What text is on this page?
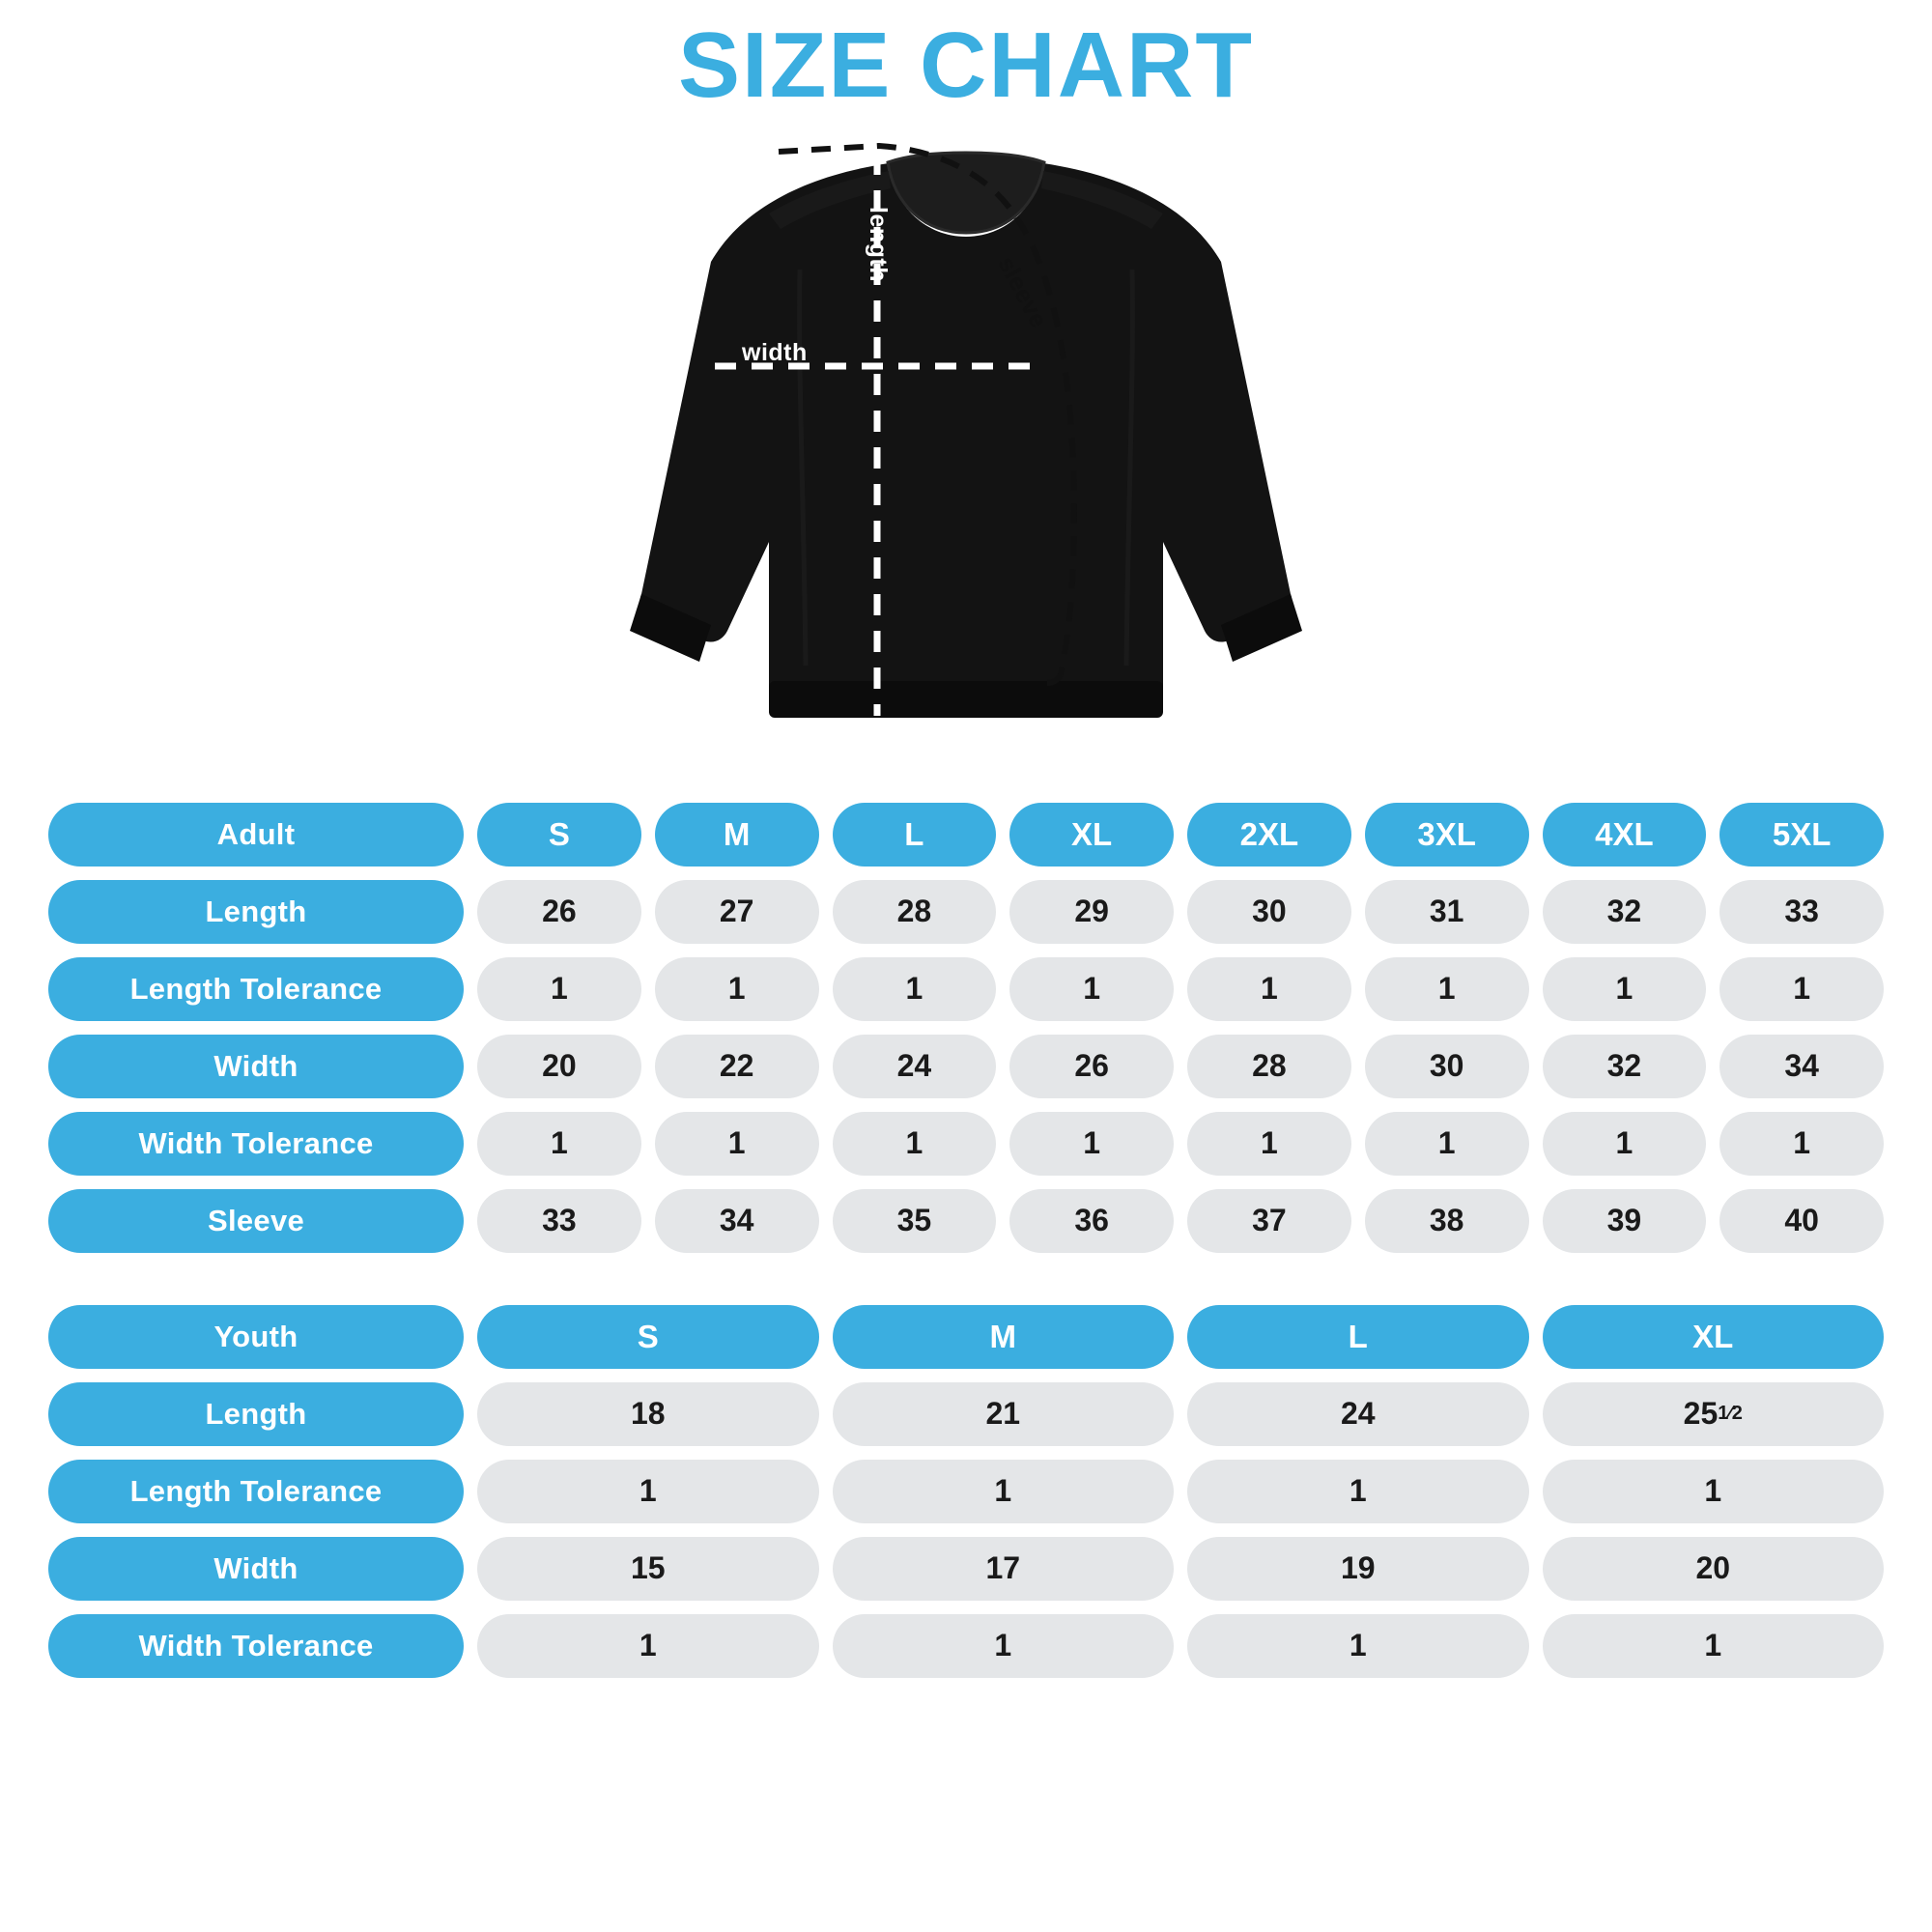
SIZE CHART
width
length
sleeve
Adult	S	M	L	XL	2XL	3XL	4XL	5XL
Length	26	27	28	29	30	31	32	33
Length Tolerance	1	1	1	1	1	1	1	1
Width	20	22	24	26	28	30	32	34
Width Tolerance	1	1	1	1	1	1	1	1
Sleeve	33	34	35	36	37	38	39	40
Youth	S	M	L	XL
Length	18	21	24	25 1⁄2
Length Tolerance	1	1	1	1
Width	15	17	19	20
Width Tolerance	1	1	1	1
